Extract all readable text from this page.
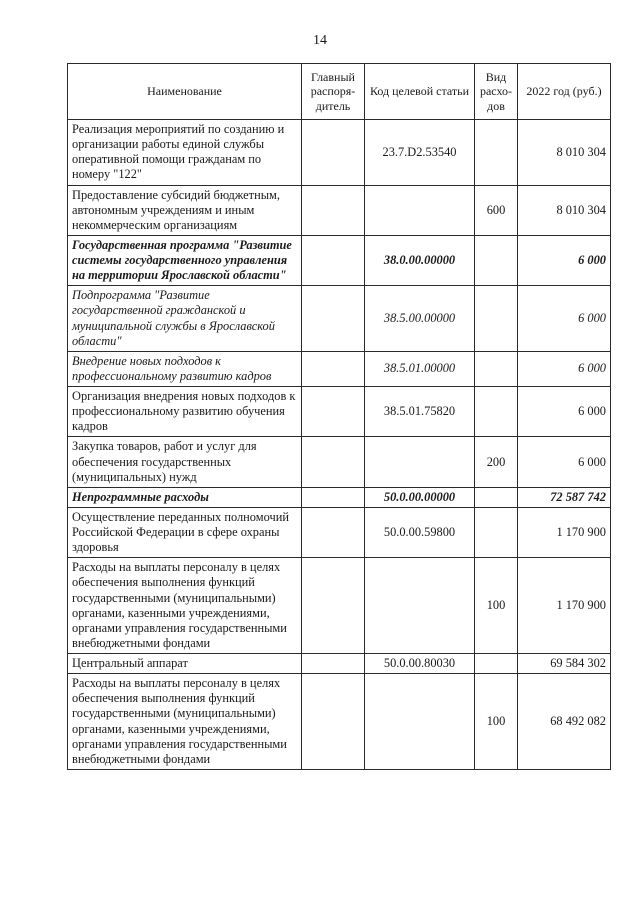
14
Наименование	Главный распоря-дитель	Код целевой статьи	Вид расхо-дов	2022 год (руб.)
Реализация мероприятий по созданию и организации работы единой службы оперативной помощи гражданам по номеру "122"		23.7.D2.53540		8 010 304
Предоставление субсидий бюджетным, автономным учреждениям и иным некоммерческим организациям			600	8 010 304
Государственная программа "Развитие системы государственного управления на территории Ярославской области"		38.0.00.00000		6 000
Подпрограмма "Развитие государственной гражданской и муниципальной службы в Ярославской области"		38.5.00.00000		6 000
Внедрение новых подходов к профессиональному развитию кадров		38.5.01.00000		6 000
Организация внедрения новых подходов к профессиональному развитию обучения кадров		38.5.01.75820		6 000
Закупка товаров, работ и услуг для обеспечения государственных (муниципальных) нужд			200	6 000
Непрограммные расходы		50.0.00.00000		72 587 742
Осуществление переданных полномочий Российской Федерации в сфере охраны здоровья		50.0.00.59800		1 170 900
Расходы на выплаты персоналу в целях обеспечения выполнения функций государственными (муниципальными) органами, казенными учреждениями, органами управления государственными внебюджетными фондами			100	1 170 900
Центральный аппарат		50.0.00.80030		69 584 302
Расходы на выплаты персоналу в целях обеспечения выполнения функций государственными (муниципальными) органами, казенными учреждениями, органами управления государственными внебюджетными фондами			100	68 492 082
